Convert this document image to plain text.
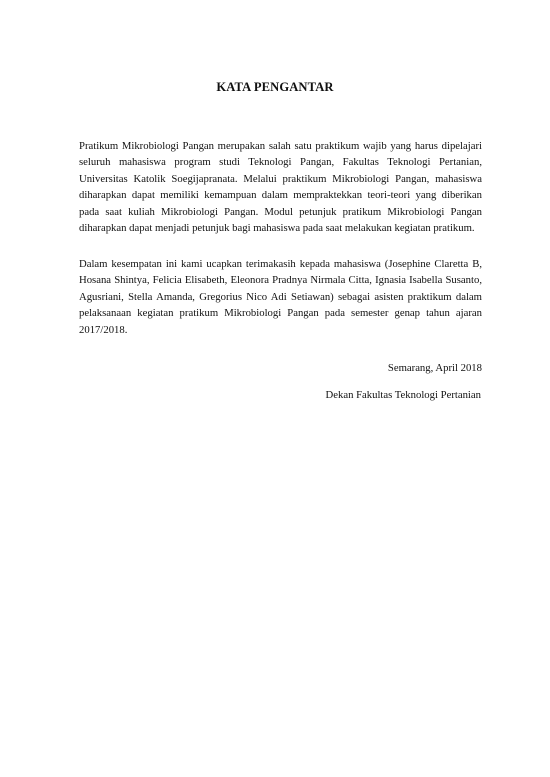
KATA PENGANTAR

Pratikum Mikrobiologi Pangan merupakan salah satu praktikum wajib yang harus dipelajari seluruh mahasiswa program studi Teknologi Pangan, Fakultas Teknologi Pertanian, Universitas Katolik Soegijapranata. Melalui praktikum Mikrobiologi Pangan, mahasiswa diharapkan dapat memiliki kemampuan dalam mempraktekkan teori-teori yang diberikan pada saat kuliah Mikrobiologi Pangan. Modul petunjuk pratikum Mikrobiologi Pangan diharapkan dapat menjadi petunjuk bagi mahasiswa pada saat melakukan kegiatan pratikum.

Dalam kesempatan ini kami ucapkan terimakasih kepada mahasiswa (Josephine Claretta B, Hosana Shintya, Felicia Elisabeth, Eleonora Pradnya Nirmala Citta, Ignasia Isabella Susanto, Agusriani, Stella Amanda, Gregorius Nico Adi Setiawan) sebagai asisten praktikum dalam pelaksanaan kegiatan pratikum Mikrobiologi Pangan pada semester genap tahun ajaran 2017/2018.

Semarang, April 2018

Dekan Fakultas Teknologi Pertanian
